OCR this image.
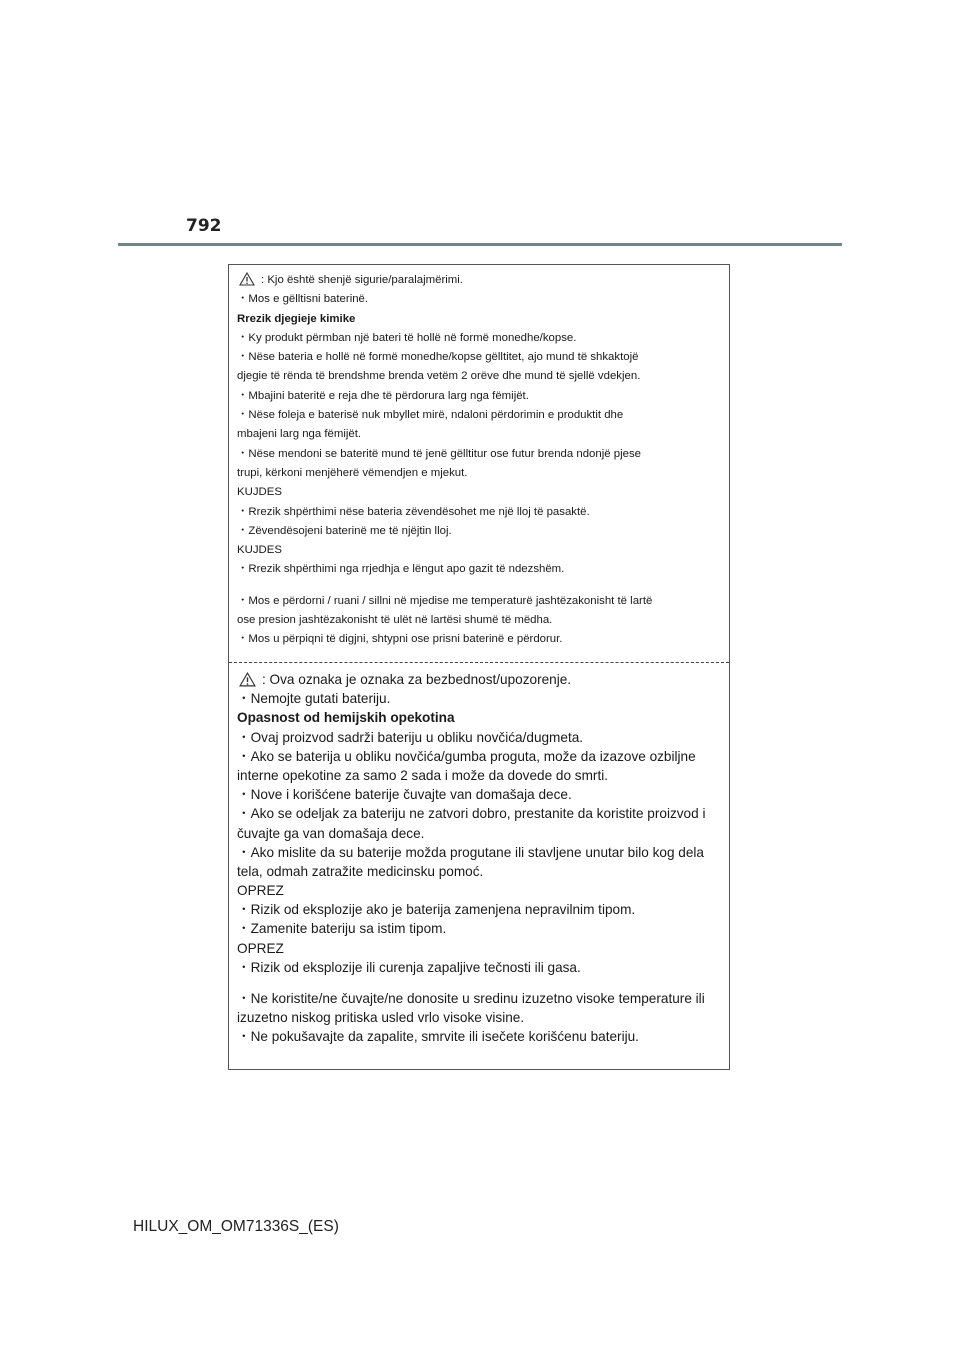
792

: Kjo është shenjë sigurie/paralajmërimi.

・Mos e gëlltisni baterinë.

Rrezik djegieje kimike

・Ky produkt përmban një bateri të hollë në formë monedhe/kopse.

・Nëse bateria e hollë në formë monedhe/kopse gëlltitet, ajo mund të shkaktojë

djegie të rënda të brendshme brenda vetëm 2 orëve dhe mund të sjellë vdekjen.

・Mbajini bateritë e reja dhe të përdorura larg nga fëmijët.

・Nëse foleja e baterisë nuk mbyllet mirë, ndaloni përdorimin e produktit dhe

mbajeni larg nga fëmijët.

・Nëse mendoni se bateritë mund të jenë gëlltitur ose futur brenda ndonjë pjese

trupi, kërkoni menjëherë vëmendjen e mjekut.

KUJDES

・Rrezik shpërthimi nëse bateria zëvendësohet me një lloj të pasaktë.

・Zëvendësojeni baterinë me të njëjtin lloj.

KUJDES

・Rrezik shpërthimi nga rrjedhja e lëngut apo gazit të ndezshëm.

・Mos e përdorni / ruani / sillni në mjedise me temperaturë jashtëzakonisht të lartë

ose presion jashtëzakonisht të ulët në lartësi shumë të mëdha.

・Mos u përpiqni të digjni, shtypni ose prisni baterinë e përdorur.

: Ova oznaka je oznaka za bezbednost/upozorenje.

・Nemojte gutati bateriju.

Opasnost od hemijskih opekotina

・Ovaj proizvod sadrži bateriju u obliku novčića/dugmeta.

・Ako se baterija u obliku novčića/gumba proguta, može da izazove ozbiljne

interne opekotine za samo 2 sada i može da dovede do smrti.

・Nove i korišćene baterije čuvajte van domašaja dece.

・Ako se odeljak za bateriju ne zatvori dobro, prestanite da koristite proizvod i

čuvajte ga van domašaja dece.

・Ako mislite da su baterije možda progutane ili stavljene unutar bilo kog dela

tela, odmah zatražite medicinsku pomoć.

OPREZ

・Rizik od eksplozije ako je baterija zamenjena nepravilnim tipom.

・Zamenite bateriju sa istim tipom.

OPREZ

・Rizik od eksplozije ili curenja zapaljive tečnosti ili gasa.

・Ne koristite/ne čuvajte/ne donosite u sredinu izuzetno visoke temperature ili

izuzetno niskog pritiska usled vrlo visoke visine.

・Ne pokušavajte da zapalite, smrvite ili isečete korišćenu bateriju.

HILUX_OM_OM71336S_(ES)
